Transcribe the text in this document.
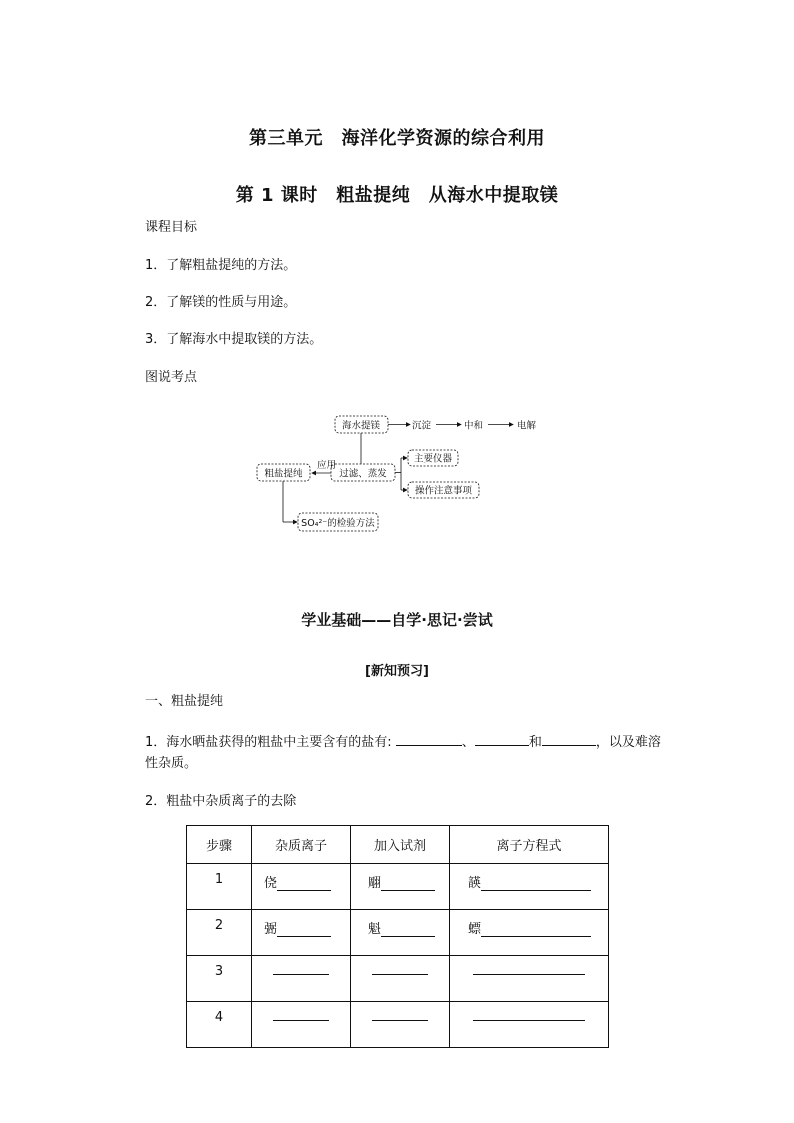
第三单元　海洋化学资源的综合利用
第 1 课时　粗盐提纯　从海水中提取镁
课程目标
1．了解粗盐提纯的方法。
2．了解镁的性质与用途。
3．了解海水中提取镁的方法。
图说考点
海水提镁	沉淀	中和	电解
粗盐提纯
应用
过滤、蒸发
主要仪器
操作注意事项
SO₄²⁻的检验方法
学业基础——自学·思记·尝试
[新知预习]
一、粗盐提纯
1．海水晒盐获得的粗盐中主要含有的盐有:	、	和	，以及难溶
性杂质。
2．粗盐中杂质离子的去除
步骤	杂质离子	加入试剂	离子方程式
1	侥	翢	韺

2	弻	魁	螵

3	

4	
